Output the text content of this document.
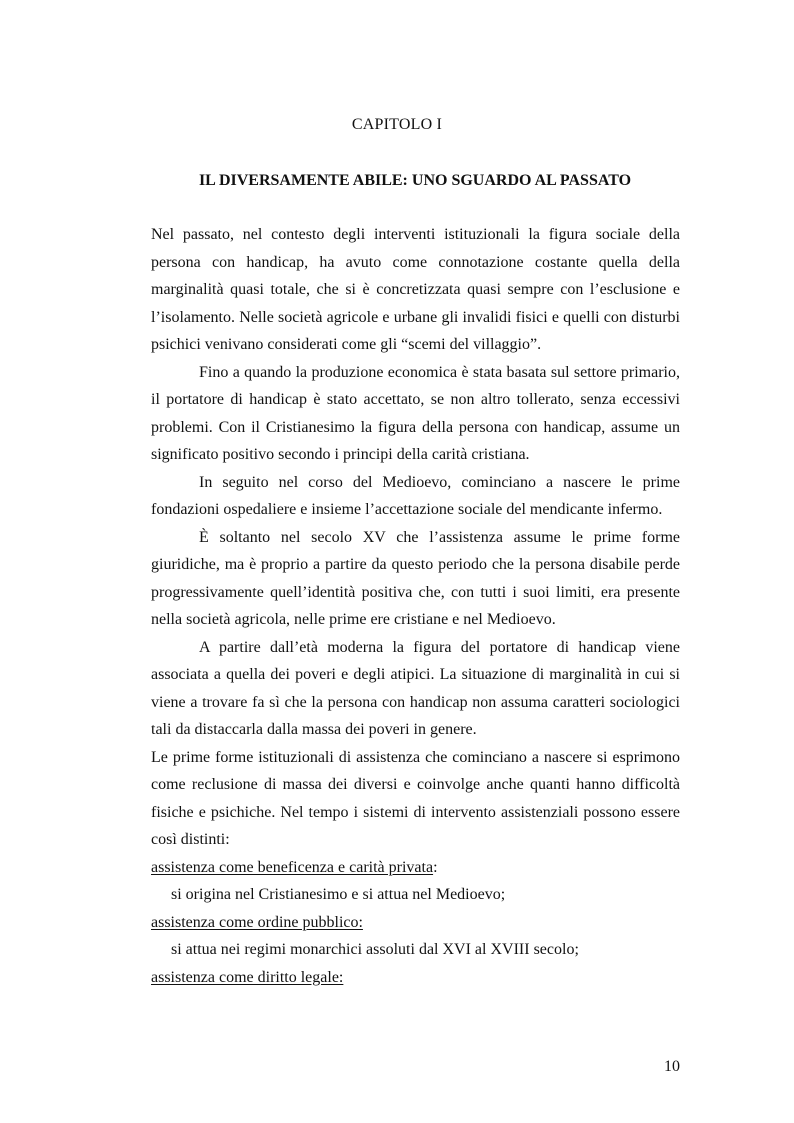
CAPITOLO I
IL DIVERSAMENTE ABILE: UNO SGUARDO AL PASSATO

Nel passato, nel contesto degli interventi istituzionali la figura sociale della persona con handicap, ha avuto come connotazione costante quella della marginalità quasi totale, che si è concretizzata quasi sempre con l’esclusione e l’isolamento. Nelle società agricole e urbane gli invalidi fisici e quelli con disturbi psichici venivano considerati come gli “scemi del villaggio”.

Fino a quando la produzione economica è stata basata sul settore primario, il portatore di handicap è stato accettato, se non altro tollerato, senza eccessivi problemi. Con il Cristianesimo la figura della persona con handicap, assume un significato positivo secondo i principi della carità cristiana.

In seguito nel corso del Medioevo, cominciano a nascere le prime fondazioni ospedaliere e insieme l’accettazione sociale del mendicante infermo.

È soltanto nel secolo XV che l’assistenza assume le prime forme giuridiche, ma è proprio a partire da questo periodo che la persona disabile perde progressivamente quell’identità positiva che, con tutti i suoi limiti, era presente nella società agricola, nelle prime ere cristiane e nel Medioevo.

A partire dall’età moderna la figura del portatore di handicap viene associata a quella dei poveri e degli atipici. La situazione di marginalità in cui si viene a trovare fa sì che la persona con handicap non assuma caratteri sociologici tali da distaccarla dalla massa dei poveri in genere.

Le prime forme istituzionali di assistenza che cominciano a nascere si esprimono come reclusione di massa dei diversi e coinvolge anche quanti hanno difficoltà fisiche e psichiche. Nel tempo i sistemi di intervento assistenziali possono essere così distinti:

assistenza come beneficenza e carità privata:

si origina nel Cristianesimo e si attua nel Medioevo;

assistenza come ordine pubblico:

si attua nei regimi monarchici assoluti dal XVI al XVIII secolo;

assistenza come diritto legale:

10
